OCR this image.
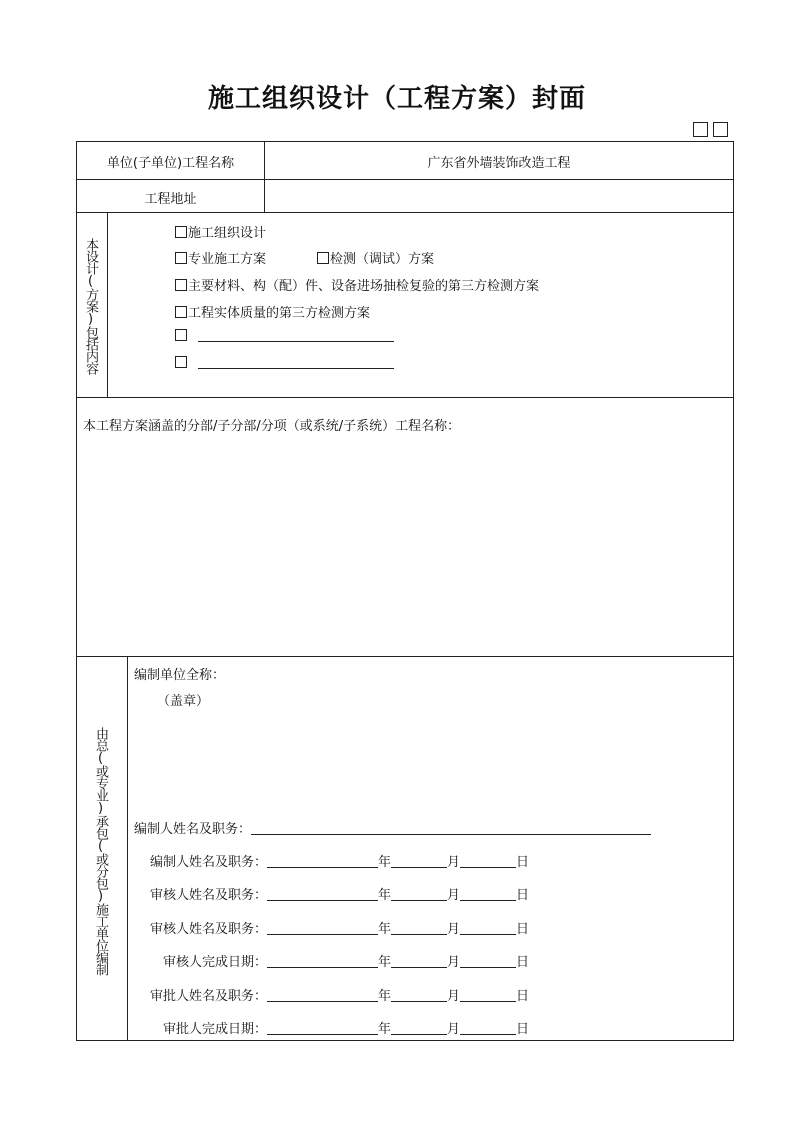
施工组织设计（工程方案）封面
单位(子单位)工程名称	广东省外墙装饰改造工程
工程地址
本设计(方案)包括内容
施工组织设计
专业施工方案	检测（调试）方案
主要材料、构（配）件、设备进场抽检复验的第三方检测方案
工程实体质量的第三方检测方案

本工程方案涵盖的分部/子分部/分项（或系统/子系统）工程名称：
由总(或专业)承包(或分包)施工单位编制
编制单位全称：
（盖章）
编制人姓名及职务：
编制人姓名及职务：	年	月	日
审核人姓名及职务：	年	月	日
审核人姓名及职务：	年	月	日
审核人完成日期：	年	月	日
审批人姓名及职务：	年	月	日
审批人完成日期：	年	月	日
